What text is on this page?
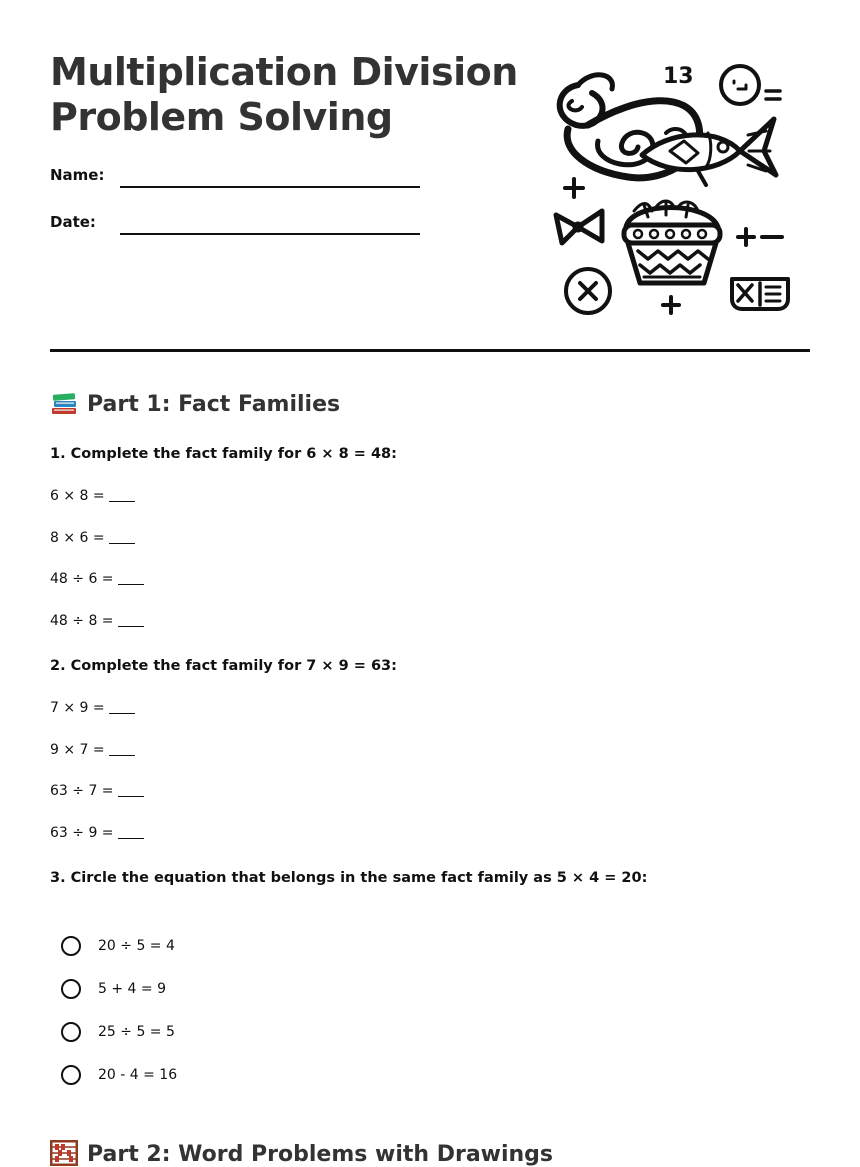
Multiplication Division
Problem Solving
Name:
Date:
13
Part 1: Fact Families

1. Complete the fact family for 6 × 8 = 48:

6 × 8 =

8 × 6 =

48 ÷ 6 =

48 ÷ 8 =

2. Complete the fact family for 7 × 9 = 63:

7 × 9 =

9 × 7 =

63 ÷ 7 =

63 ÷ 9 =

3. Circle the equation that belongs in the same fact family as 5 × 4 = 20:

20 ÷ 5 = 4
5 + 4 = 9
25 ÷ 5 = 5
20 - 4 = 16
Part 2: Word Problems with Drawings
